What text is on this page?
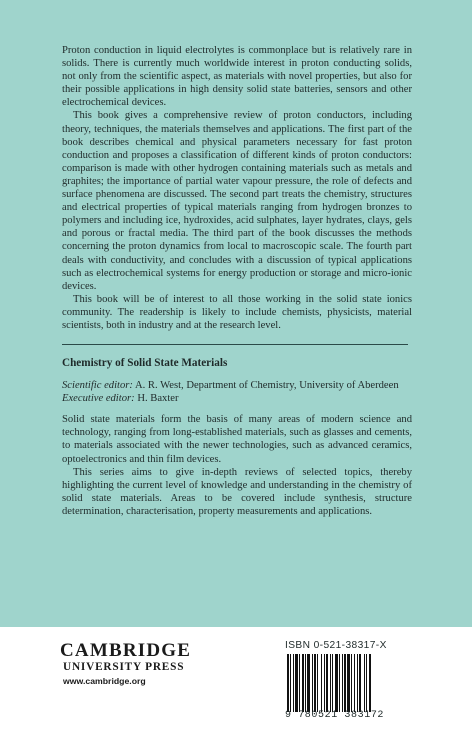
Proton conduction in liquid electrolytes is commonplace but is relatively rare in solids. There is currently much worldwide interest in proton conducting solids, not only from the scientific aspect, as materials with novel properties, but also for their possible applications in high density solid state batteries, sensors and other electrochemical devices.

This book gives a comprehensive review of proton conductors, including theory, techniques, the materials themselves and applications. The first part of the book describes chemical and physical parameters necessary for fast proton conduction and proposes a classification of different kinds of proton conductors: comparison is made with other hydrogen containing materials such as metals and graphites; the importance of partial water vapour pressure, the role of defects and surface phenomena are discussed. The second part treats the chemistry, structures and electrical properties of typical materials ranging from hydrogen bronzes to polymers and including ice, hydroxides, acid sulphates, layer hydrates, clays, gels and porous or fractal media. The third part of the book discusses the methods concerning the proton dynamics from local to macroscopic scale. The fourth part deals with conductivity, and concludes with a discussion of typical applications such as electrochemical systems for energy production or storage and micro-ionic devices.

This book will be of interest to all those working in the solid state ionics community. The readership is likely to include chemists, physicists, material scientists, both in industry and at the research level.

Chemistry of Solid State Materials
Scientific editor: A. R. West, Department of Chemistry, University of Aberdeen
Executive editor: H. Baxter

Solid state materials form the basis of many areas of modern science and technology, ranging from long-established materials, such as glasses and cements, to materials associated with the newer technologies, such as advanced ceramics, optoelectronics and thin film devices.

This series aims to give in-depth reviews of selected topics, thereby highlighting the current level of knowledge and understanding in the chemistry of solid state materials. Areas to be covered include synthesis, structure determination, characterisation, property measurements and applications.

CAMBRIDGE
UNIVERSITY PRESS
www.cambridge.org
ISBN 0-521-38317-X
9 780521 383172
